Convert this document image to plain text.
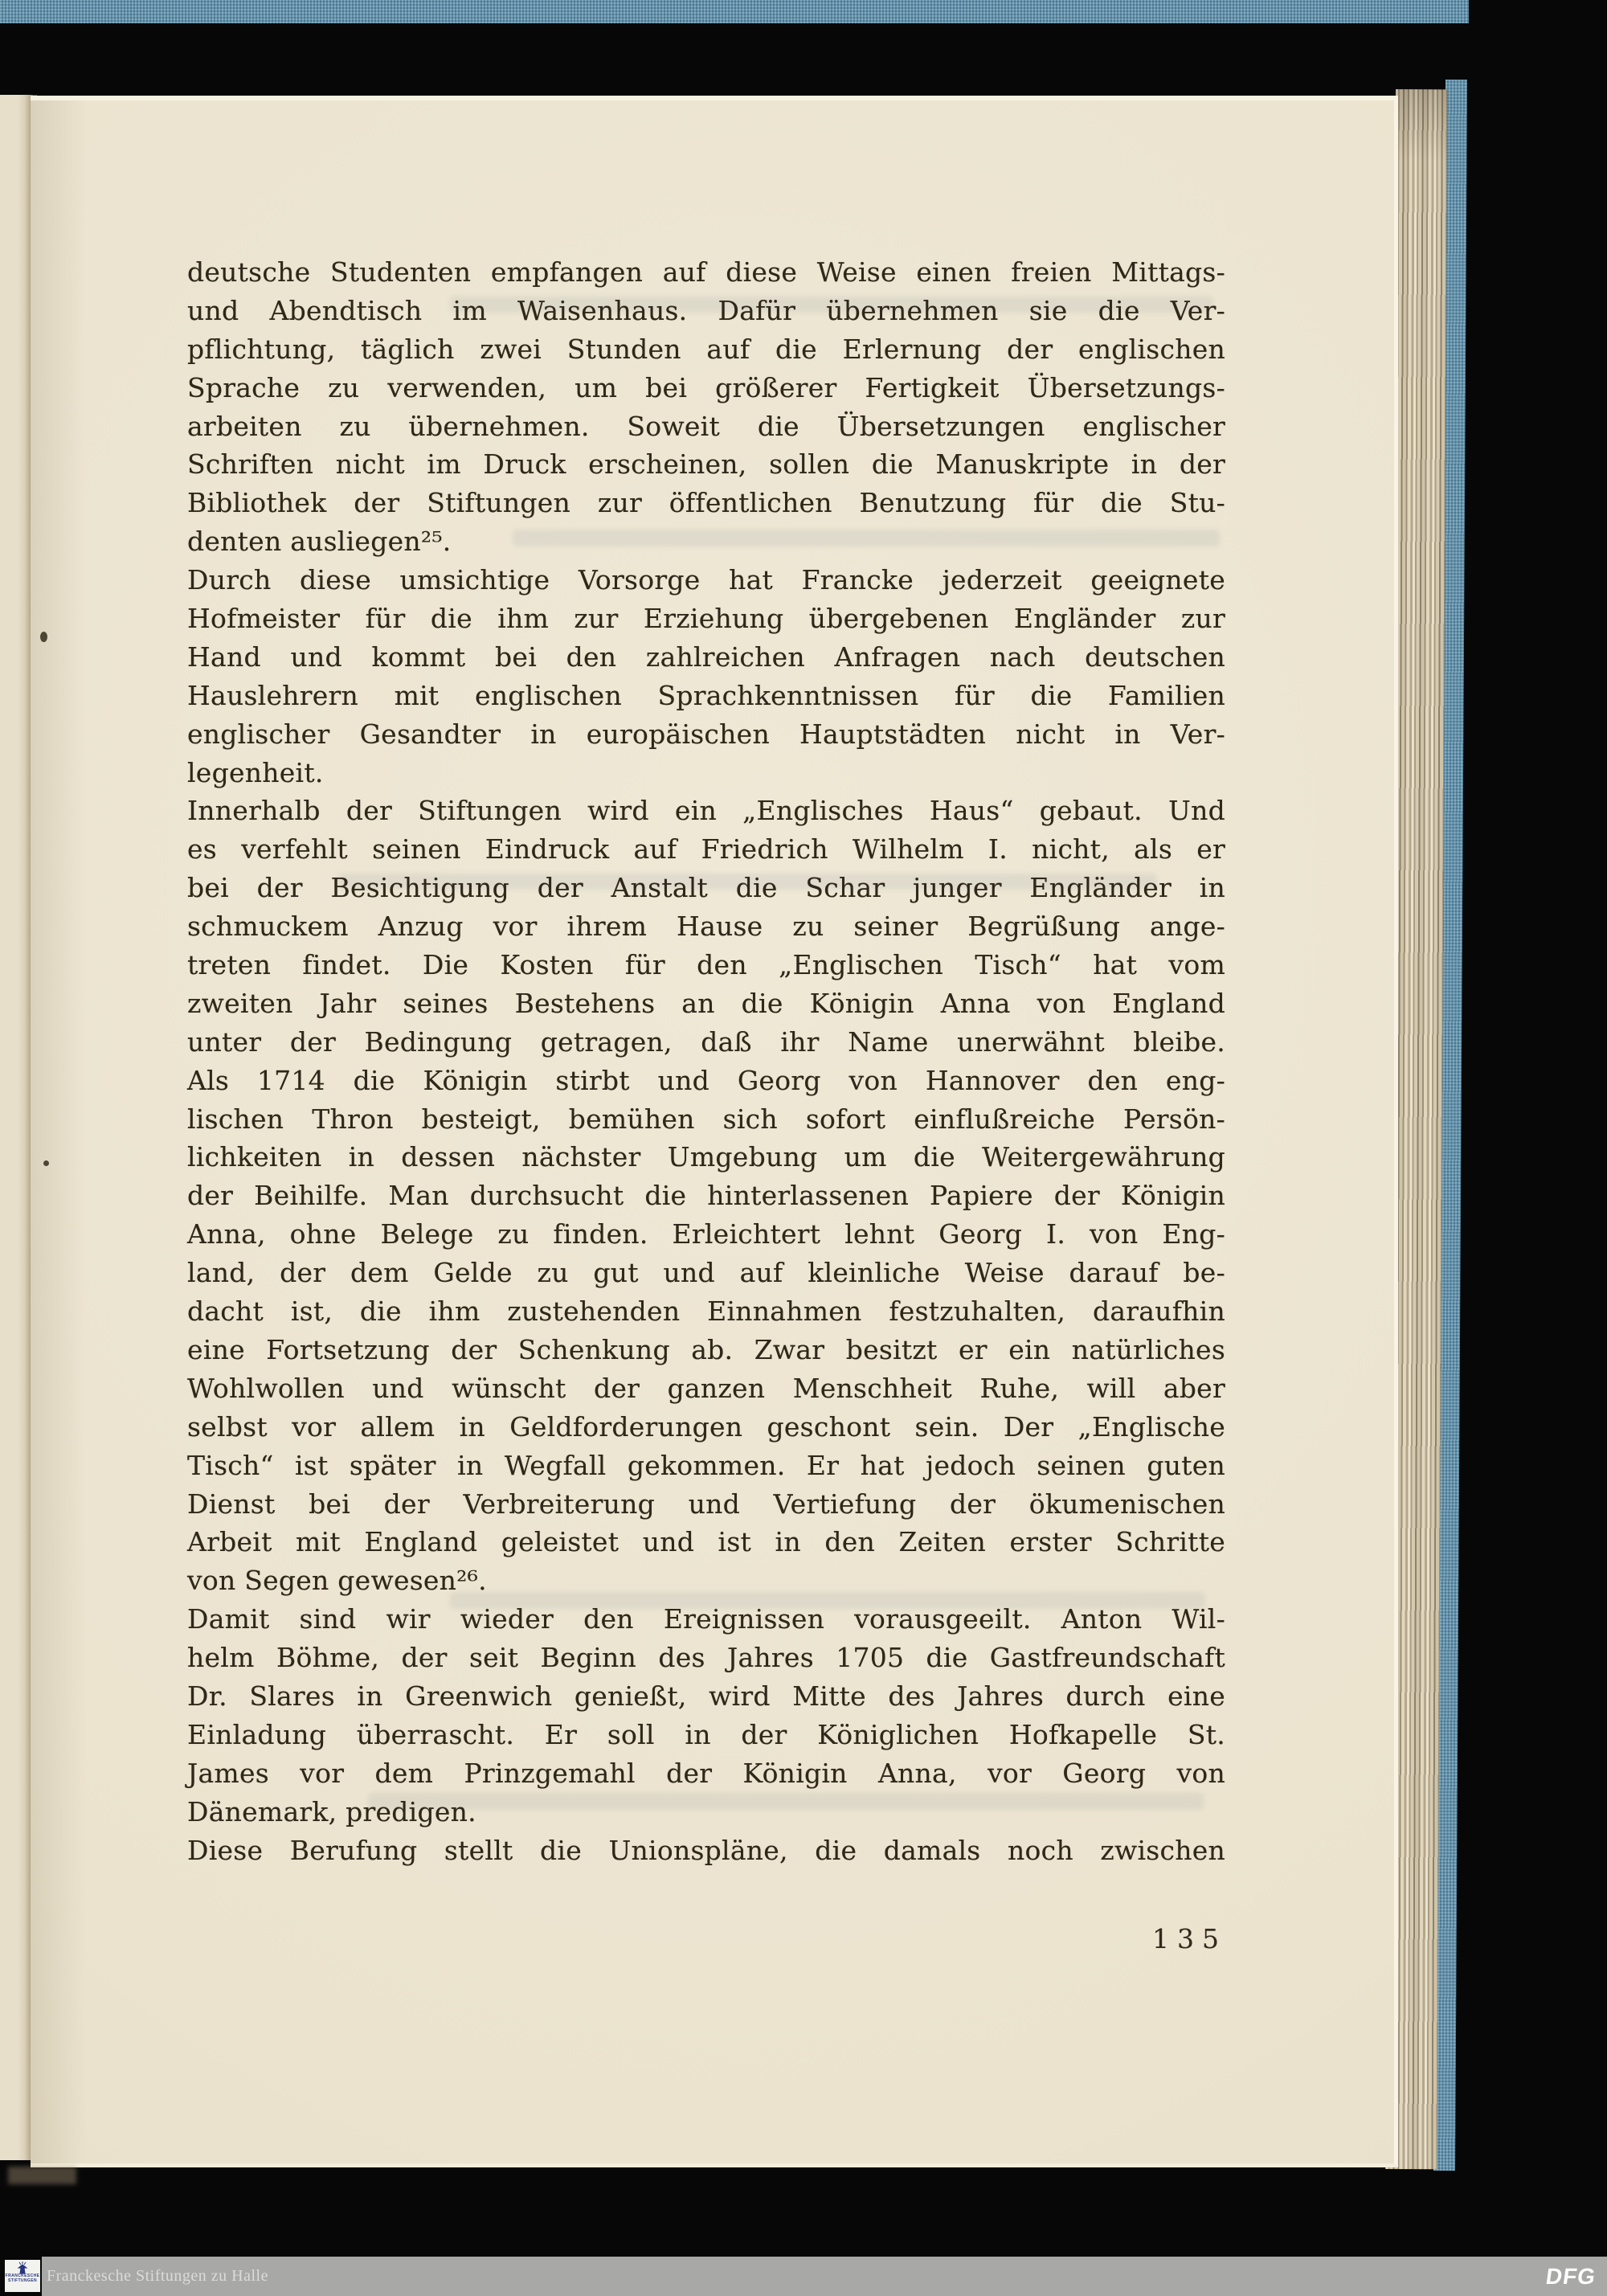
deutsche Studenten empfangen auf diese Weise einen freien Mittags-
und Abendtisch im Waisenhaus. Dafür übernehmen sie die Ver-
pflichtung, täglich zwei Stunden auf die Erlernung der englischen
Sprache zu verwenden, um bei größerer Fertigkeit Übersetzungs-
arbeiten zu übernehmen. Soweit die Übersetzungen englischer
Schriften nicht im Druck erscheinen, sollen die Manuskripte in der
Bibliothek der Stiftungen zur öffentlichen Benutzung für die Stu-
denten ausliegen²⁵.
Durch diese umsichtige Vorsorge hat Francke jederzeit geeignete
Hofmeister für die ihm zur Erziehung übergebenen Engländer zur
Hand und kommt bei den zahlreichen Anfragen nach deutschen
Hauslehrern mit englischen Sprachkenntnissen für die Familien
englischer Gesandter in europäischen Hauptstädten nicht in Ver-
legenheit.
Innerhalb der Stiftungen wird ein „Englisches Haus“ gebaut. Und
es verfehlt seinen Eindruck auf Friedrich Wilhelm I. nicht, als er
bei der Besichtigung der Anstalt die Schar junger Engländer in
schmuckem Anzug vor ihrem Hause zu seiner Begrüßung ange-
treten findet. Die Kosten für den „Englischen Tisch“ hat vom
zweiten Jahr seines Bestehens an die Königin Anna von England
unter der Bedingung getragen, daß ihr Name unerwähnt bleibe.
Als 1714 die Königin stirbt und Georg von Hannover den eng-
lischen Thron besteigt, bemühen sich sofort einflußreiche Persön-
lichkeiten in dessen nächster Umgebung um die Weitergewährung
der Beihilfe. Man durchsucht die hinterlassenen Papiere der Königin
Anna, ohne Belege zu finden. Erleichtert lehnt Georg I. von Eng-
land, der dem Gelde zu gut und auf kleinliche Weise darauf be-
dacht ist, die ihm zustehenden Einnahmen festzuhalten, daraufhin
eine Fortsetzung der Schenkung ab. Zwar besitzt er ein natürliches
Wohlwollen und wünscht der ganzen Menschheit Ruhe, will aber
selbst vor allem in Geldforderungen geschont sein. Der „Englische
Tisch“ ist später in Wegfall gekommen. Er hat jedoch seinen guten
Dienst bei der Verbreiterung und Vertiefung der ökumenischen
Arbeit mit England geleistet und ist in den Zeiten erster Schritte
von Segen gewesen²⁶.
Damit sind wir wieder den Ereignissen vorausgeeilt. Anton Wil-
helm Böhme, der seit Beginn des Jahres 1705 die Gastfreundschaft
Dr. Slares in Greenwich genießt, wird Mitte des Jahres durch eine
Einladung überrascht. Er soll in der Königlichen Hofkapelle St.
James vor dem Prinzgemahl der Königin Anna, vor Georg von
Dänemark, predigen.
Diese Berufung stellt die Unionspläne, die damals noch zwischen
135
Franckesche Stiftungen zu Halle	DFG
FRANCKESCHE
STIFTUNGEN
